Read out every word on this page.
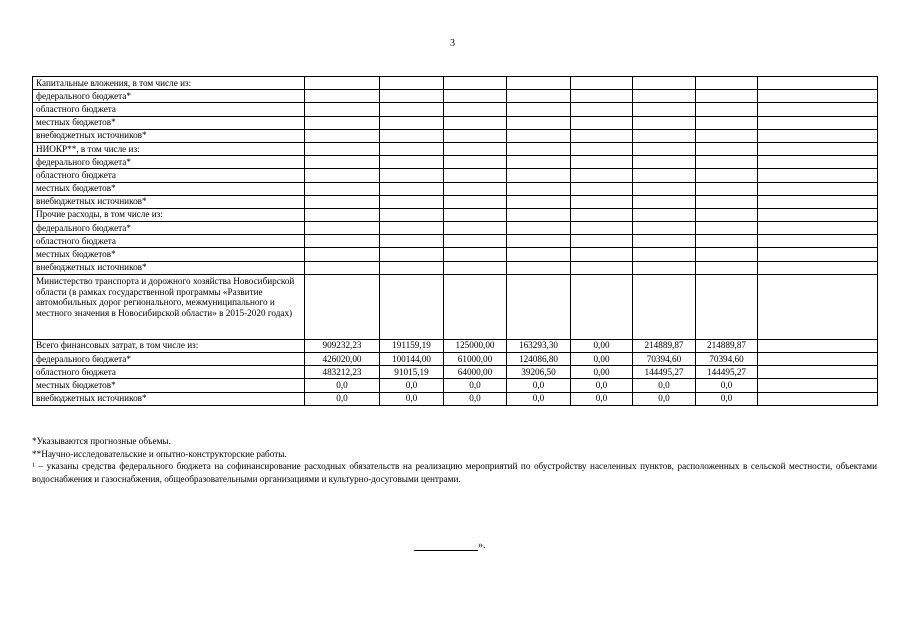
3
Капитальные вложения, в том числе из:								
федерального бюджета*								
областного бюджета								
местных бюджетов*								
внебюджетных источников*								
НИОКР**, в том числе из:								
федерального бюджета*								
областного бюджета								
местных бюджетов*								
внебюджетных источников*								
Прочие расходы, в том числе из:								
федерального бюджета*								
областного бюджета								
местных бюджетов*								
внебюджетных источников*								
Министерство транспорта и дорожного хозяйства Новосибирской области (в рамках государственной программы «Развитие автомобильных дорог регионального, межмуниципального и местного значения в Новосибирской области» в 2015-2020 годах)								
Всего финансовых затрат, в том числе из:	909232,23	191159,19	125000,00	163293,30	0,00	214889,87	214889,87	
федерального бюджета*	426020,00	100144,00	61000,00	124086,80	0,00	70394,60	70394,60	
областного бюджета	483212,23	91015,19	64000,00	39206,50	0,00	144495,27	144495,27	
местных бюджетов*	0,0	0,0	0,0	0,0	0,0	0,0	0,0	
внебюджетных источников*	0,0	0,0	0,0	0,0	0,0	0,0	0,0	

*Указываются прогнозные объемы.

**Научно-исследовательские и опытно-конструкторские работы.

$^1$ – указаны средства федерального бюджета на софинансирование расходных обязательств на реализацию мероприятий по обустройству населенных пунктов, расположенных в сельской местности, объектами водоснабжения и газоснабжения, общеобразовательными организациями и культурно-досуговыми центрами.

».
